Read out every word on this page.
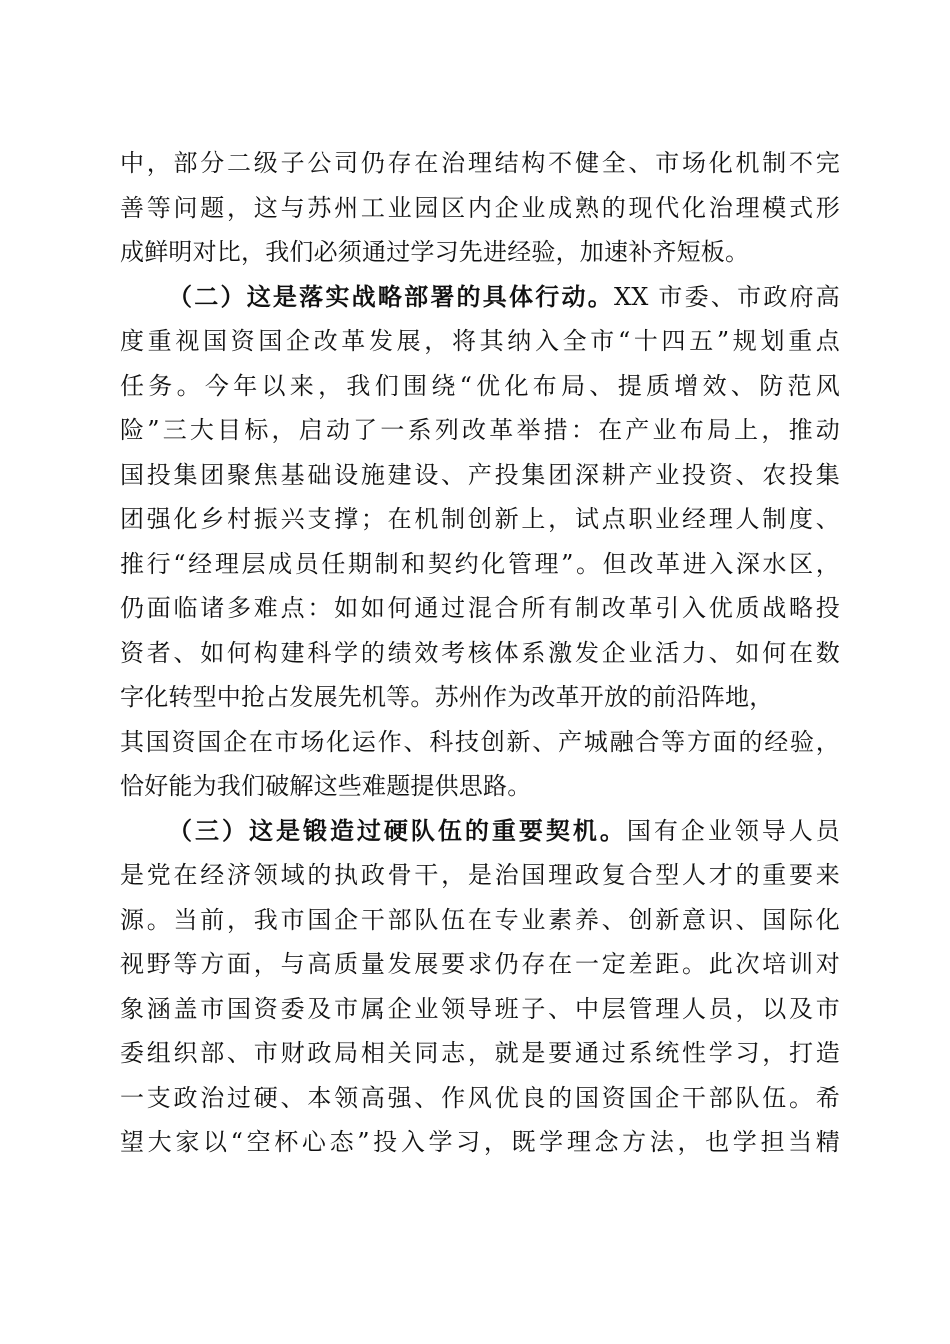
中，部分二级子公司仍存在治理结构不健全、市场化机制不完
善等问题，这与苏州工业园区内企业成熟的现代化治理模式形
成鲜明对比，我们必须通过学习先进经验，加速补齐短板。
（二）这是落实战略部署的具体行动。XX 市委、市政府高
度重视国资国企改革发展，将其纳入全市“十四五”规划重点
任务。今年以来，我们围绕“优化布局、提质增效、防范风
险”三大目标，启动了一系列改革举措：在产业布局上，推动
国投集团聚焦基础设施建设、产投集团深耕产业投资、农投集
团强化乡村振兴支撑；在机制创新上，试点职业经理人制度、
推行“经理层成员任期制和契约化管理”。但改革进入深水区，
仍面临诸多难点：如如何通过混合所有制改革引入优质战略投
资者、如何构建科学的绩效考核体系激发企业活力、如何在数
字化转型中抢占发展先机等。苏州作为改革开放的前沿阵地，
其国资国企在市场化运作、科技创新、产城融合等方面的经验，
恰好能为我们破解这些难题提供思路。
（三）这是锻造过硬队伍的重要契机。国有企业领导人员
是党在经济领域的执政骨干，是治国理政复合型人才的重要来
源。当前，我市国企干部队伍在专业素养、创新意识、国际化
视野等方面，与高质量发展要求仍存在一定差距。此次培训对
象涵盖市国资委及市属企业领导班子、中层管理人员，以及市
委组织部、市财政局相关同志，就是要通过系统性学习，打造
一支政治过硬、本领高强、作风优良的国资国企干部队伍。希
望大家以“空杯心态”投入学习，既学理念方法，也学担当精
